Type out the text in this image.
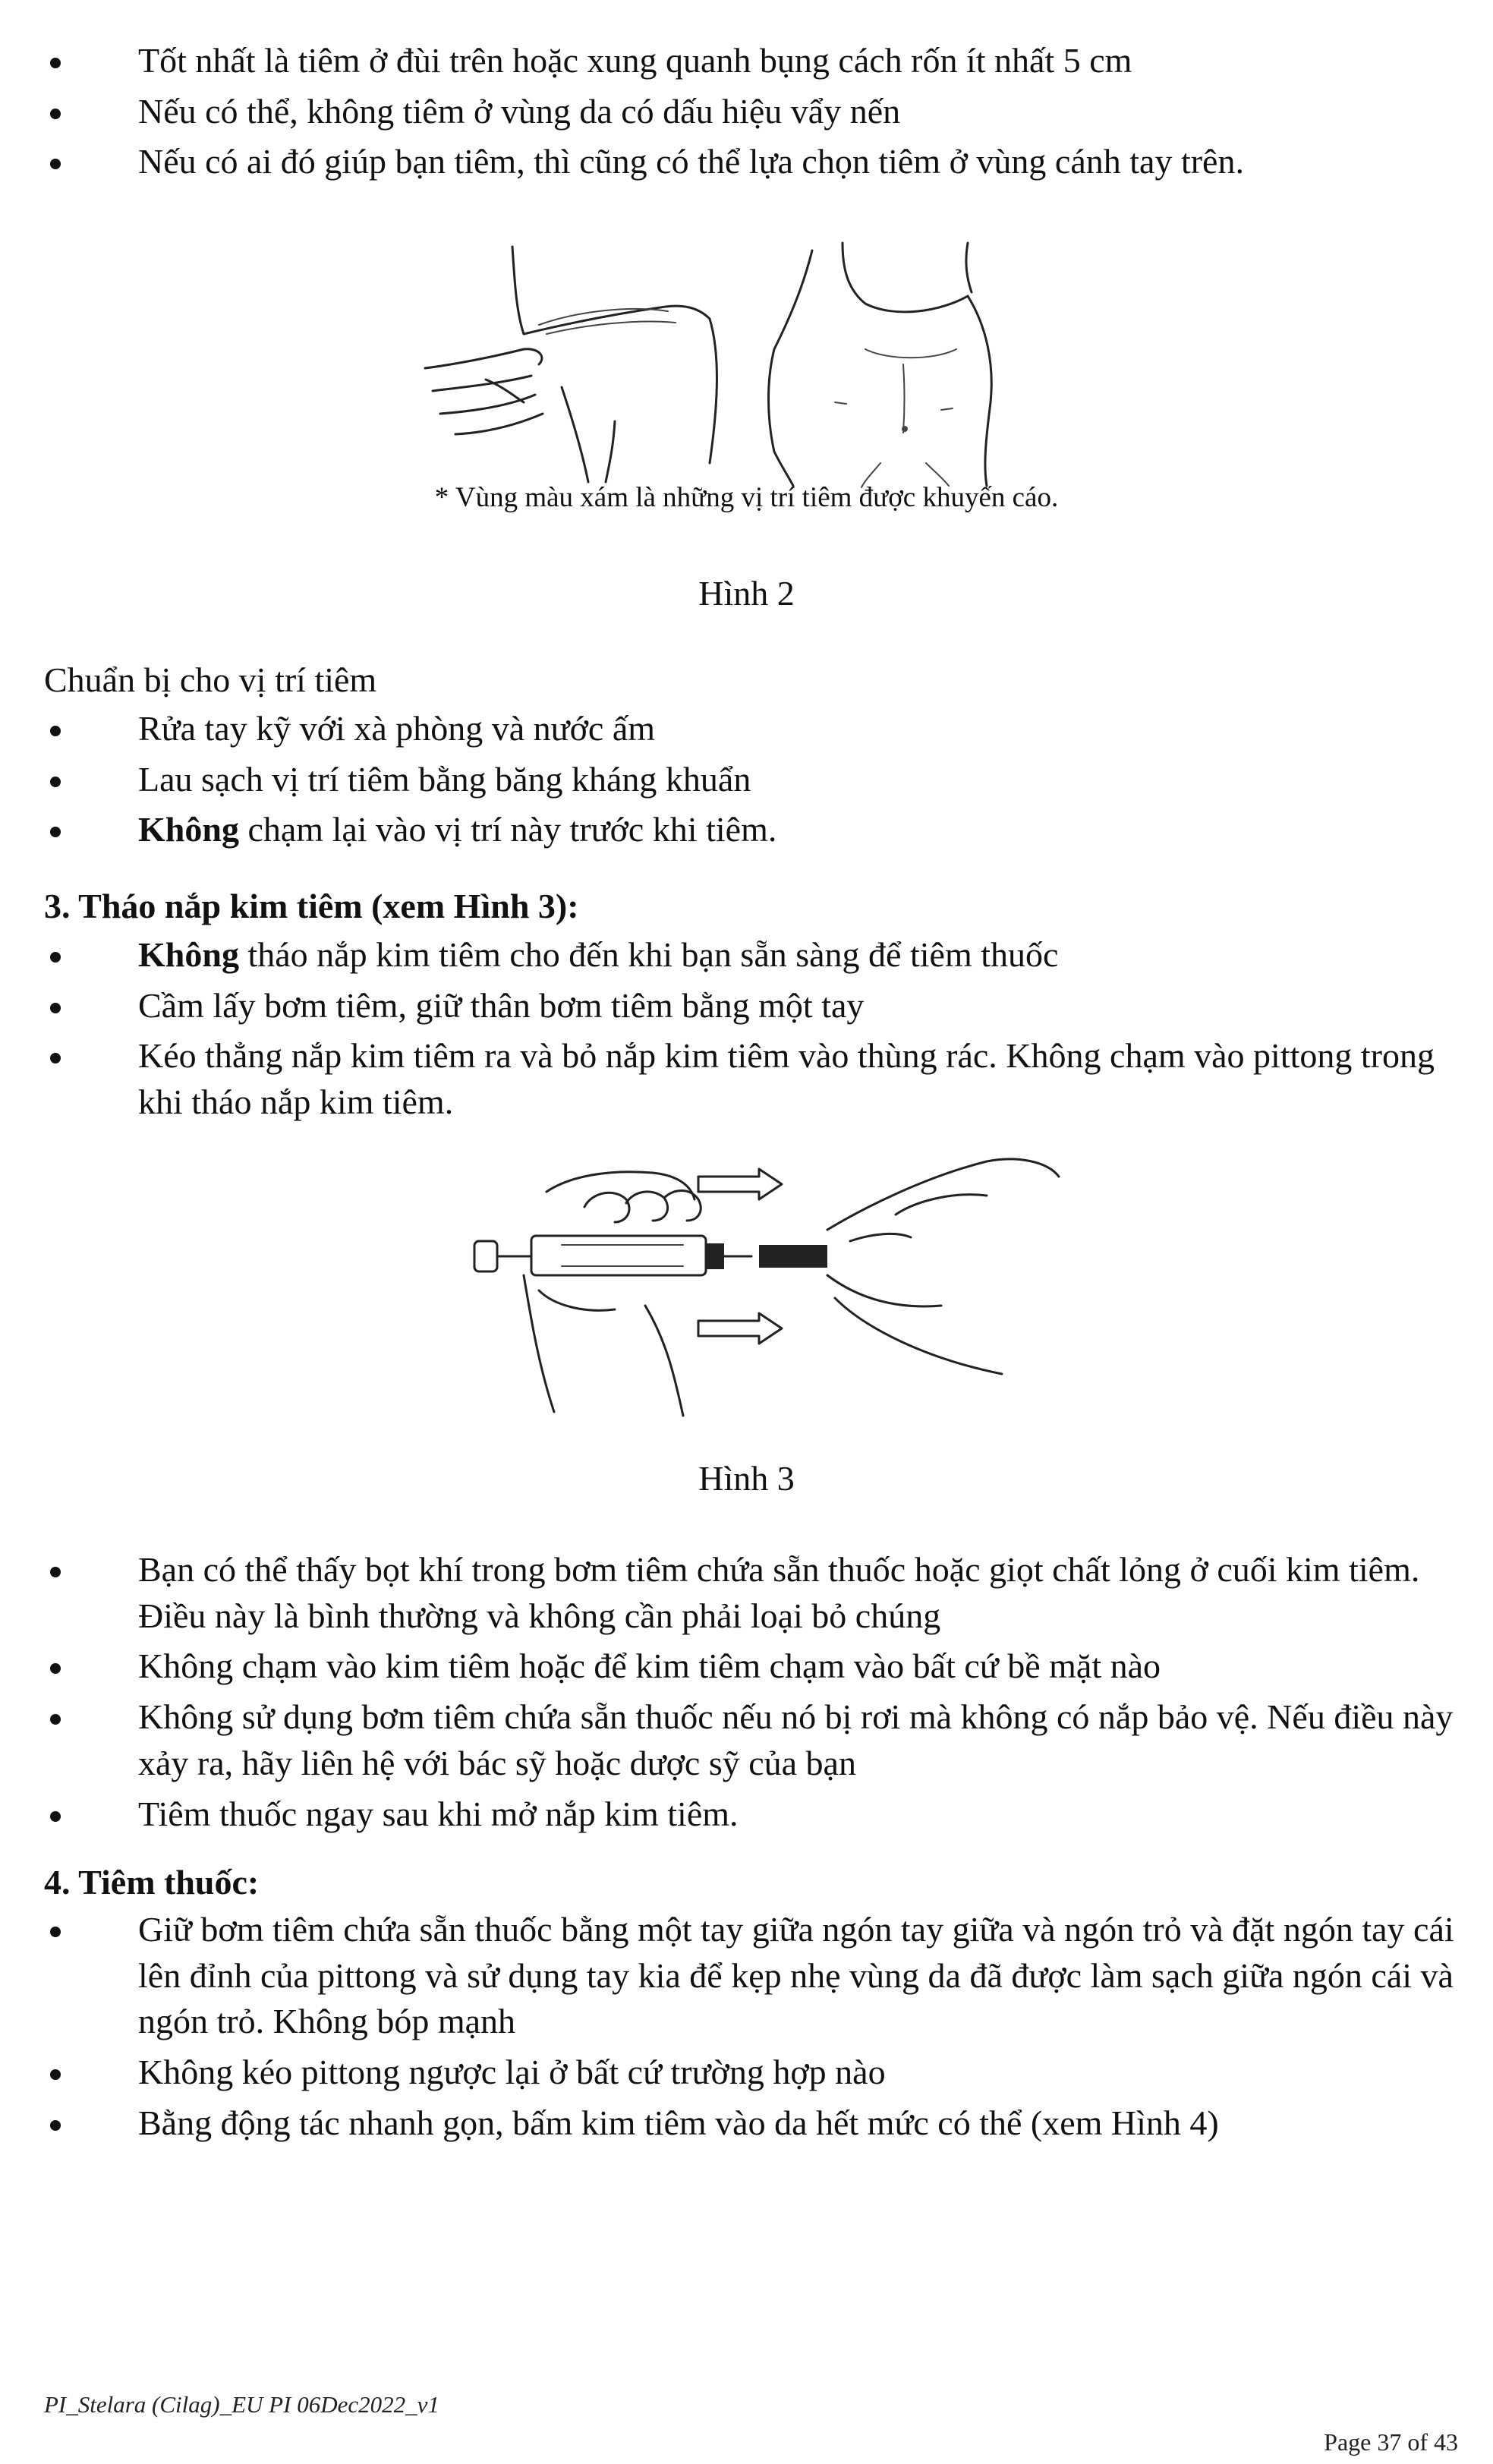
Tốt nhất là tiêm ở đùi trên hoặc xung quanh bụng cách rốn ít nhất 5 cm
Nếu có thể, không tiêm ở vùng da có dấu hiệu vẩy nến
Nếu có ai đó giúp bạn tiêm, thì cũng có thể lựa chọn tiêm ở vùng cánh tay trên.
* Vùng màu xám là những vị trí tiêm được khuyến cáo.
Hình 2
Chuẩn bị cho vị trí tiêm
Rửa tay kỹ với xà phòng và nước ấm
Lau sạch vị trí tiêm bằng băng kháng khuẩn
Không chạm lại vào vị trí này trước khi tiêm.
3. Tháo nắp kim tiêm (xem Hình 3):
Không tháo nắp kim tiêm cho đến khi bạn sẵn sàng để tiêm thuốc
Cầm lấy bơm tiêm, giữ thân bơm tiêm bằng một tay
Kéo thẳng nắp kim tiêm ra và bỏ nắp kim tiêm vào thùng rác. Không chạm vào pittong trong khi tháo nắp kim tiêm.
Hình 3
Bạn có thể thấy bọt khí trong bơm tiêm chứa sẵn thuốc hoặc giọt chất lỏng ở cuối kim tiêm. Điều này là bình thường và không cần phải loại bỏ chúng
Không chạm vào kim tiêm hoặc để kim tiêm chạm vào bất cứ bề mặt nào
Không sử dụng bơm tiêm chứa sẵn thuốc nếu nó bị rơi mà không có nắp bảo vệ. Nếu điều này xảy ra, hãy liên hệ với bác sỹ hoặc dược sỹ của bạn
Tiêm thuốc ngay sau khi mở nắp kim tiêm.
4. Tiêm thuốc:
Giữ bơm tiêm chứa sẵn thuốc bằng một tay giữa ngón tay giữa và ngón trỏ và đặt ngón tay cái lên đỉnh của pittong và sử dụng tay kia để kẹp nhẹ vùng da đã được làm sạch giữa ngón cái và ngón trỏ. Không bóp mạnh
Không kéo pittong ngược lại ở bất cứ trường hợp nào
Bằng động tác nhanh gọn, bấm kim tiêm vào da hết mức có thể (xem Hình 4)
PI_Stelara (Cilag)_EU PI 06Dec2022_v1
Page 37 of 43
